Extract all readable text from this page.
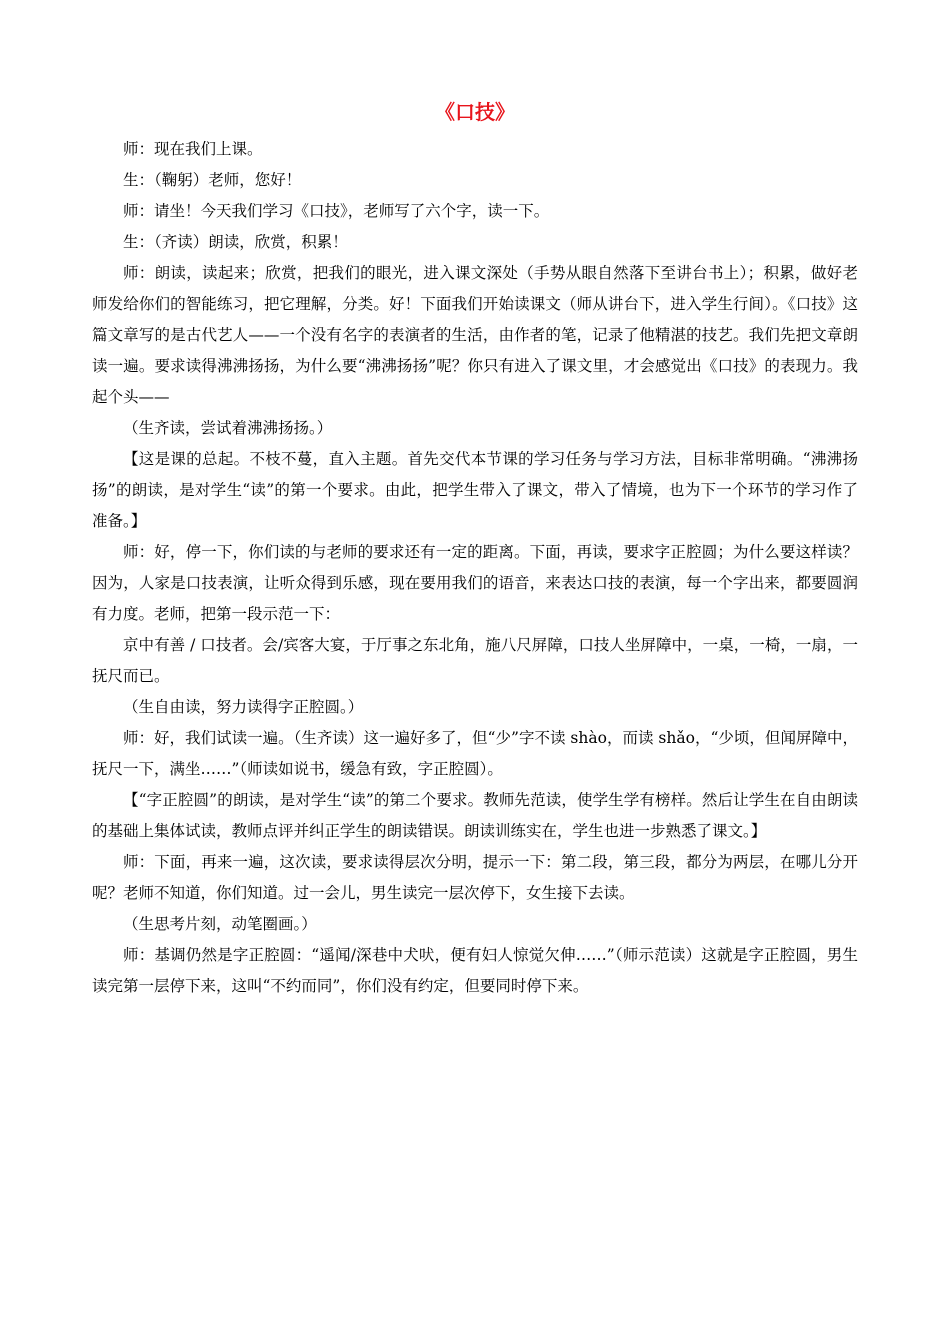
《口技》

师：现在我们上课。

生：（鞠躬）老师，您好！

师：请坐！今天我们学习《口技》，老师写了六个字，读一下。

生：（齐读）朗读，欣赏，积累！

师：朗读，读起来；欣赏，把我们的眼光，进入课文深处（手势从眼自然落下至讲台书上）；积累，做好老师发给你们的智能练习，把它理解，分类。好！下面我们开始读课文（师从讲台下，进入学生行间）。《口技》这篇文章写的是古代艺人——一个没有名字的表演者的生活，由作者的笔，记录了他精湛的技艺。我们先把文章朗读一遍。要求读得沸沸扬扬，为什么要“沸沸扬扬”呢？你只有进入了课文里，才会感觉出《口技》的表现力。我起个头——

（生齐读，尝试着沸沸扬扬。）

【这是课的总起。不枝不蔓，直入主题。首先交代本节课的学习任务与学习方法，目标非常明确。“沸沸扬扬”的朗读，是对学生“读”的第一个要求。由此，把学生带入了课文，带入了情境，也为下一个环节的学习作了准备。】

师：好，停一下，你们读的与老师的要求还有一定的距离。下面，再读，要求字正腔圆；为什么要这样读？因为，人家是口技表演，让听众得到乐感，现在要用我们的语音，来表达口技的表演，每一个字出来，都要圆润有力度。老师，把第一段示范一下：

京中有善 / 口技者。会/宾客大宴，于厅事之东北角，施八尺屏障，口技人坐屏障中，一桌，一椅，一扇，一抚尺而已。

（生自由读，努力读得字正腔圆。）

师：好，我们试读一遍。（生齐读）这一遍好多了，但“少”字不读 shào，而读 shǎo，“少顷，但闻屏障中，抚尺一下，满坐……”（师读如说书，缓急有致，字正腔圆）。

【“字正腔圆”的朗读，是对学生“读”的第二个要求。教师先范读，使学生学有榜样。然后让学生在自由朗读的基础上集体试读，教师点评并纠正学生的朗读错误。朗读训练实在，学生也进一步熟悉了课文。】

师：下面，再来一遍，这次读，要求读得层次分明，提示一下：第二段，第三段，都分为两层，在哪儿分开呢？老师不知道，你们知道。过一会儿，男生读完一层次停下，女生接下去读。

（生思考片刻，动笔圈画。）

师：基调仍然是字正腔圆：“遥闻/深巷中犬吠，便有妇人惊觉欠伸……”（师示范读）这就是字正腔圆，男生读完第一层停下来，这叫“不约而同”，你们没有约定，但要同时停下来。
